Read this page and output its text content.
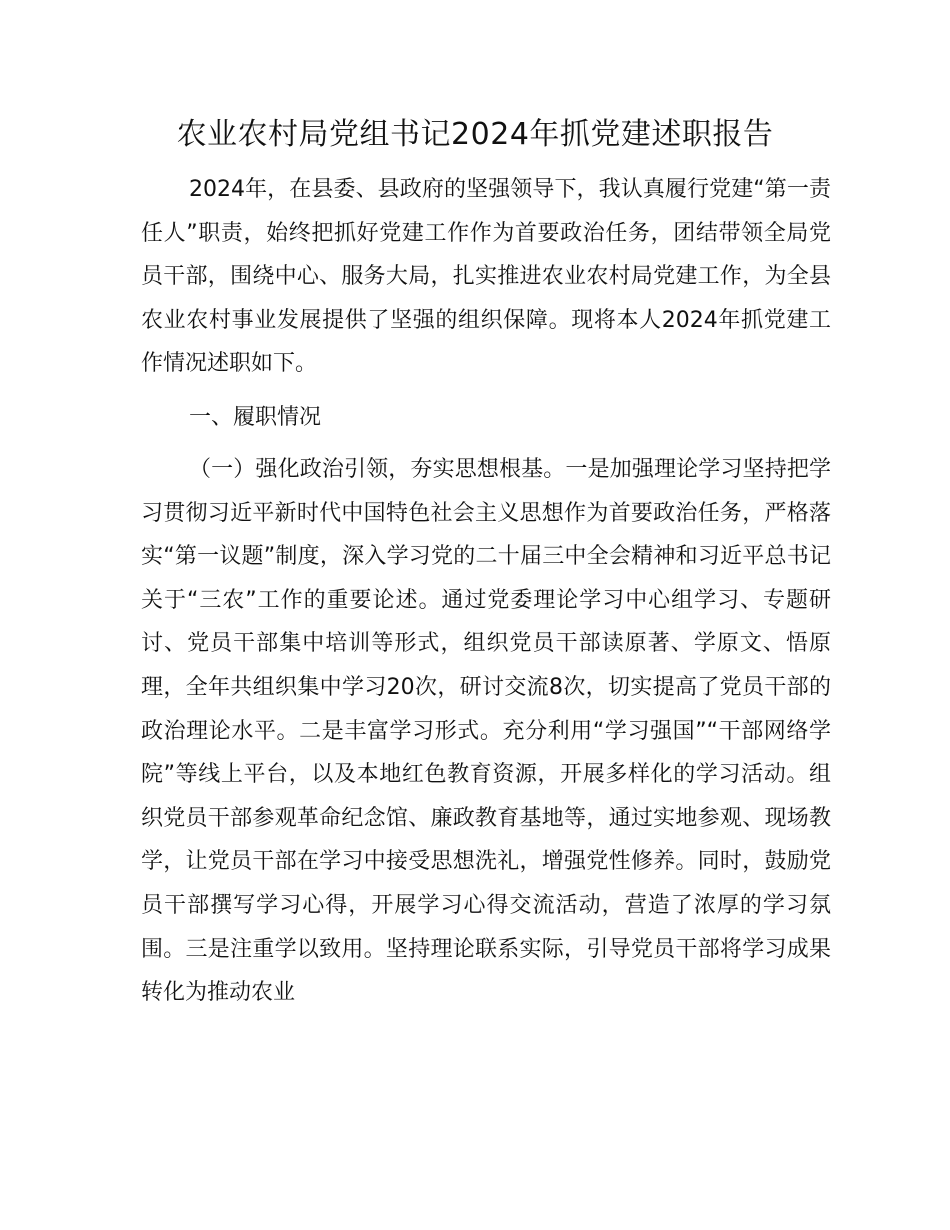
农业农村局党组书记2024年抓党建述职报告

2024年，在县委、县政府的坚强领导下，我认真履行党建“第一责任人”职责，始终把抓好党建工作作为首要政治任务，团结带领全局党员干部，围绕中心、服务大局，扎实推进农业农村局党建工作，为全县农业农村事业发展提供了坚强的组织保障。现将本人2024年抓党建工作情况述职如下。

一、履职情况

（一）强化政治引领，夯实思想根基。一是加强理论学习坚持把学习贯彻习近平新时代中国特色社会主义思想作为首要政治任务，严格落实“第一议题”制度，深入学习党的二十届三中全会精神和习近平总书记关于“三农”工作的重要论述。通过党委理论学习中心组学习、专题研讨、党员干部集中培训等形式，组织党员干部读原著、学原文、悟原理，全年共组织集中学习20次，研讨交流8次，切实提高了党员干部的政治理论水平。二是丰富学习形式。充分利用“学习强国”“干部网络学院”等线上平台，以及本地红色教育资源，开展多样化的学习活动。组织党员干部参观革命纪念馆、廉政教育基地等，通过实地参观、现场教学，让党员干部在学习中接受思想洗礼，增强党性修养。同时，鼓励党员干部撰写学习心得，开展学习心得交流活动，营造了浓厚的学习氛围。三是注重学以致用。坚持理论联系实际，引导党员干部将学习成果转化为推动农业
